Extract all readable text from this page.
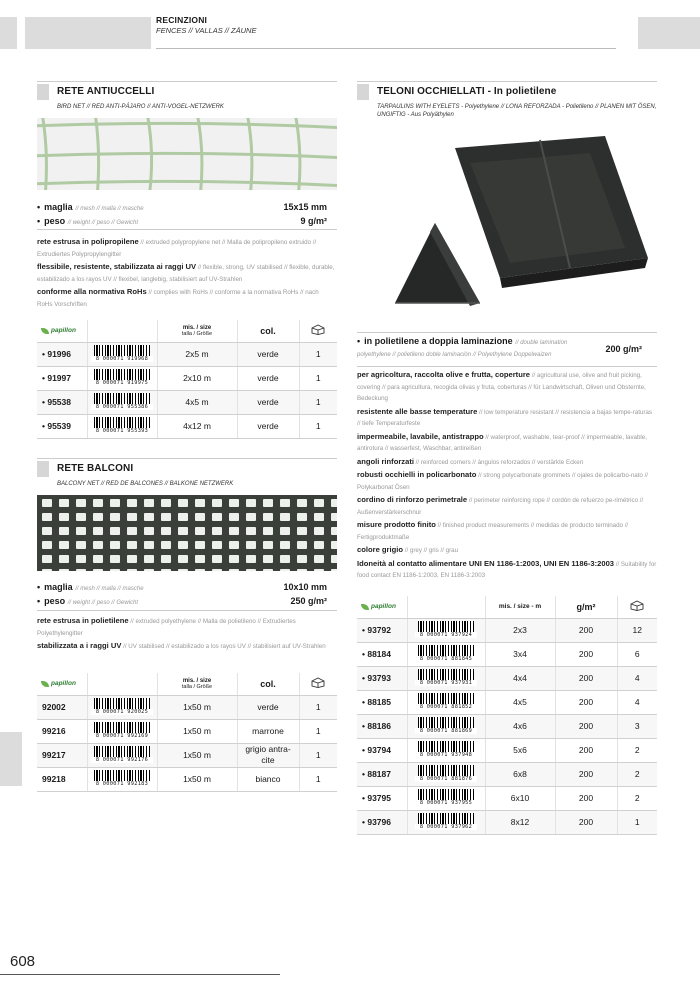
RECINZIONI
FENCES // VALLAS // ZÄUNE
RETE ANTIUCCELLI
BIRD NET // RED ANTI-PÁJARO // ANTI-VOGEL-NETZWERK
• maglia // mesh // malla // masche	15x15 mm
• peso // weight // peso // Gewicht	9 g/m²

rete estrusa in polipropilene // extruded polypropylene net // Malla de polipropileno extruido // Extrudiertes Polypropylengitter

flessibile, resistente, stabilizzata ai raggi UV // flexible, strong, UV stabilised // flexible, durable, estabilizado a los rayos UV // flexibel, langlebig, stabilisiert auf UV-Strahlen

conforme alla normativa RoHs // complies with RoHs // conforme a la normativa RoHs // nach RoHs Vorschriften

papillon		mis. / size
talla / Größe	col.	
• 91996	8 000071 919968	2x5 m	verde	1
• 91997	8 000071 919975	2x10 m	verde	1
• 95538	8 000071 955386	4x5 m	verde	1
• 95539	8 000071 955393	4x12 m	verde	1
RETE BALCONI
BALCONY NET // RED DE BALCONES // BALKONE NETZWERK
• maglia // mesh // malla // masche	10x10 mm
• peso // weight // peso // Gewicht	250 g/m²

rete estrusa in polietilene // extruded polyethylene // Malla de polietileno // Extrudiertes Polyethylengitter

stabilizzata a i raggi UV // UV stabilised // estabilizado a los rayos UV // stabilisiert auf UV-Strahlen

papillon		mis. / size
talla / Größe	col.	
92002	8 000071 920025	1x50 m	verde	1
99216	8 000071 992169	1x50 m	marrone	1
99217	8 000071 992176	1x50 m	grigio antra-cite	1
99218	8 000071 992183	1x50 m	bianco	1
TELONI OCCHIELLATI - In polietilene
TARPAULINS WITH EYELETS - Polyethylene // LONA REFORZADA - Polietileno // PLANEN MIT ÖSEN, UNGIFTIG - Aus Polyäthylen
• in polietilene a doppia laminazione // double lamination polyethylene // polietileno doble laminación // Polyethylene Doppelwaizen
200 g/m²

per agricoltura, raccolta olive e frutta, coperture // agricultural use, olive and fruit picking, covering // para agricultura, recogida olivas y fruta, coberturas // für Landwirtschaft, Oliven und Obsternte, Bedeckung

resistente alle basse temperature // low temperature resistant // resistencia a bajas tempe-raturas // tiefe Temperaturfeste

impermeabile, lavabile, antistrappo // waterproof, washable, tear-proof // impermeable, lavable, antirotura // wasserfest, Waschbar, antireißen

angoli rinforzati // reinforced corners // ángulos reforzados // verstärkte Ecken

robusti occhielli in policarbonato // strong polycarbonate grommets // ojales de policarbo-nato // Polykarbonat Ösen

cordino di rinforzo perimetrale // perimeter reinforcing rope // cordón de refuerzo pe-rimétrico // Außenverstärkerschnur

misure prodotto finito // finished product measurements // medidas de producto terminado // Fertigproduktmaße

colore grigio // grey // gris // grau

Idoneità al contatto alimentare UNI EN 1186-1:2003, UNI EN 1186-3:2003 // Suitability for food contact EN 1186-1:2003, EN 1186-3:2003

papillon		mis. / size - m	g/m²	
• 93792	8 000071 937924	2x3	200	12
• 88184	8 000071 881845	3x4	200	6
• 93793	8 000071 937931	4x4	200	4
• 88185	8 000071 881852	4x5	200	4
• 88186	8 000071 881869	4x6	200	3
• 93794	8 000071 937948	5x6	200	2
• 88187	8 000071 881876	6x8	200	2
• 93795	8 000071 937955	6x10	200	2
• 93796	8 000071 937962	8x12	200	1
608
